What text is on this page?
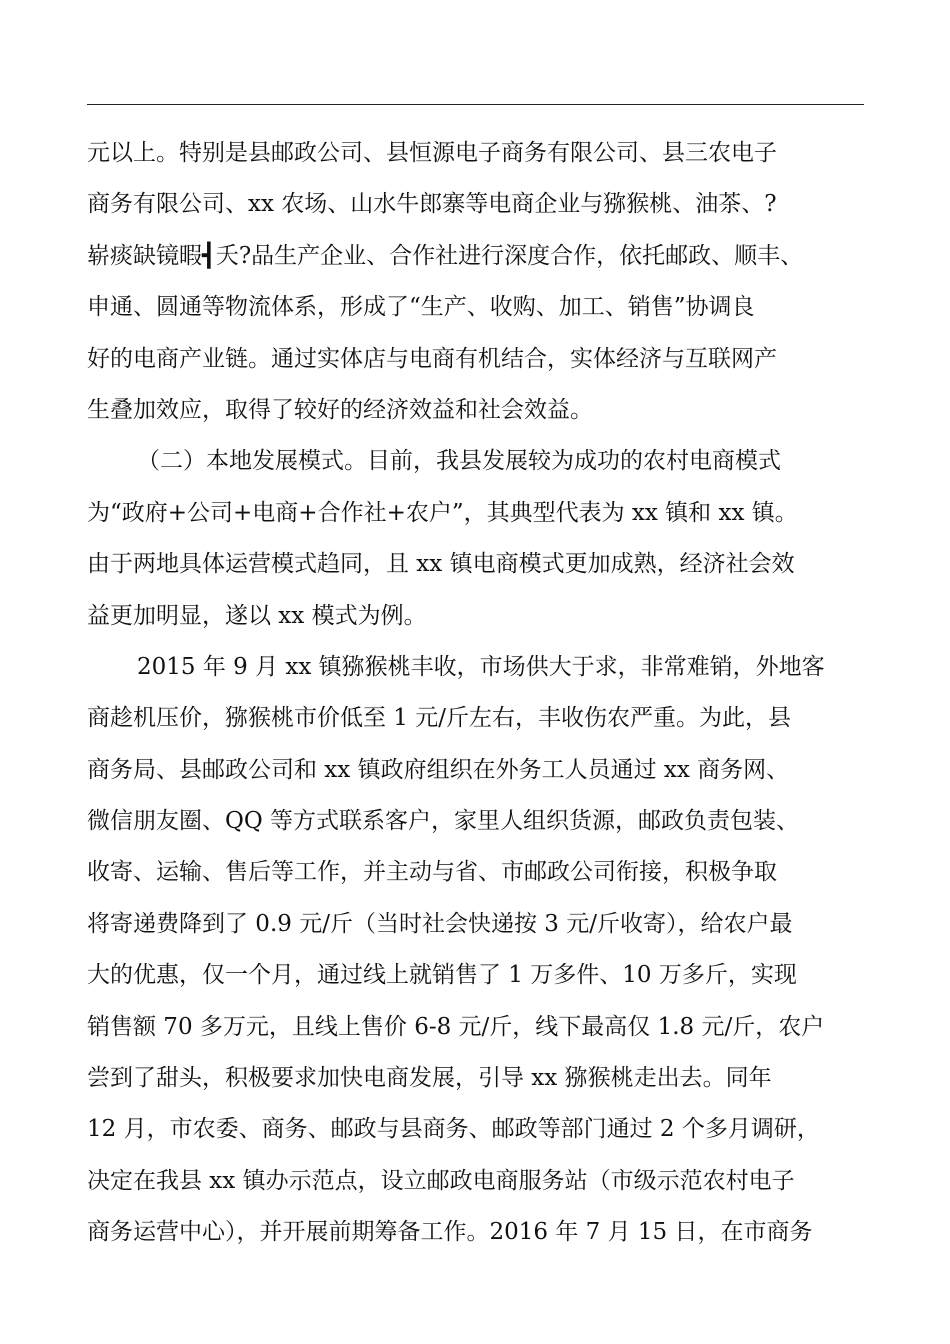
元以上。特别是县邮政公司、县恒源电子商务有限公司、县三农电子
商务有限公司、xx 农场、山水牛郎寨等电商企业与猕猴桃、油茶、?
崭痰缺镜暇┫夭?品生产企业、合作社进行深度合作，依托邮政、顺丰、
申通、圆通等物流体系，形成了“生产、收购、加工、销售”协调良
好的电商产业链。通过实体店与电商有机结合，实体经济与互联网产
生叠加效应，取得了较好的经济效益和社会效益。
（二）本地发展模式。目前，我县发展较为成功的农村电商模式
为“政府+公司+电商+合作社+农户”，其典型代表为 xx 镇和 xx 镇。
由于两地具体运营模式趋同，且 xx 镇电商模式更加成熟，经济社会效
益更加明显，遂以 xx 模式为例。
2015 年 9 月 xx 镇猕猴桃丰收，市场供大于求，非常难销，外地客
商趁机压价，猕猴桃市价低至 1 元/斤左右，丰收伤农严重。为此，县
商务局、县邮政公司和 xx 镇政府组织在外务工人员通过 xx 商务网、
微信朋友圈、QQ 等方式联系客户，家里人组织货源，邮政负责包装、
收寄、运输、售后等工作，并主动与省、市邮政公司衔接，积极争取
将寄递费降到了 0.9 元/斤（当时社会快递按 3 元/斤收寄），给农户最
大的优惠，仅一个月，通过线上就销售了 1 万多件、10 万多斤，实现
销售额 70 多万元，且线上售价 6-8 元/斤，线下最高仅 1.8 元/斤，农户
尝到了甜头，积极要求加快电商发展，引导 xx 猕猴桃走出去。同年
12 月，市农委、商务、邮政与县商务、邮政等部门通过 2 个多月调研，
决定在我县 xx 镇办示范点，设立邮政电商服务站（市级示范农村电子
商务运营中心），并开展前期筹备工作。2016 年 7 月 15 日，在市商务
